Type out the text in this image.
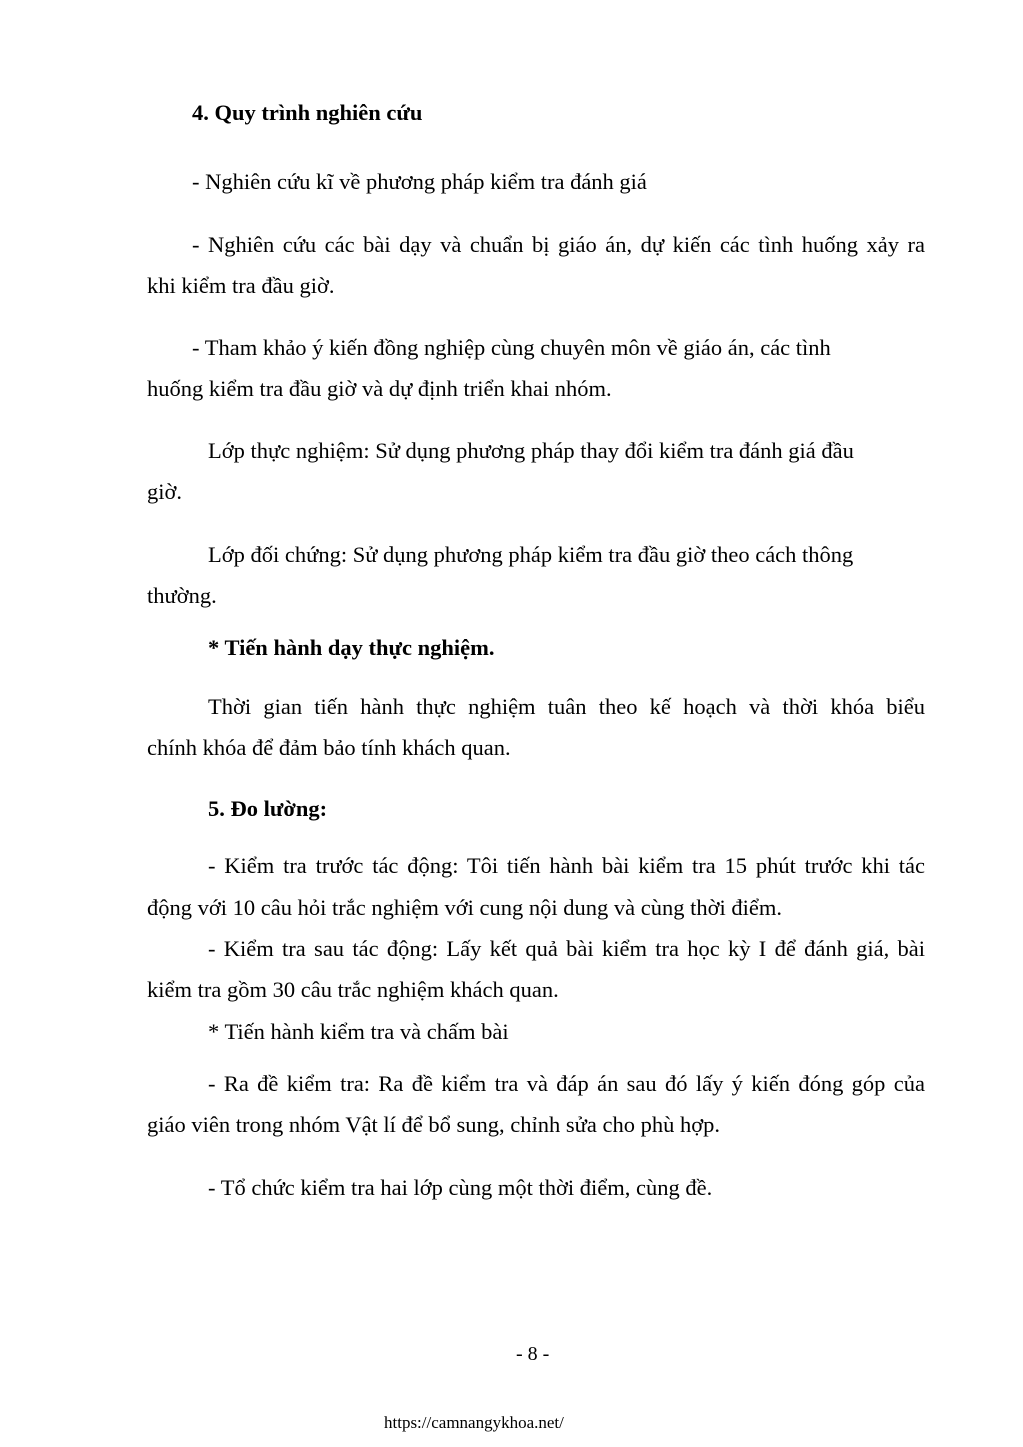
4. Quy trình nghiên cứu
- Nghiên cứu kĩ về phương pháp kiểm tra đánh giá
- Nghiên cứu các bài dạy và chuẩn bị giáo án, dự kiến các tình huống xảy ra
khi kiểm tra đầu giờ.
- Tham khảo ý kiến đồng nghiệp cùng chuyên môn về giáo án, các tình
huống kiểm tra đầu giờ và dự định triển khai nhóm.
Lớp thực nghiệm: Sử dụng phương pháp thay đổi kiểm tra đánh giá đầu
giờ.
Lớp đối chứng: Sử dụng phương pháp kiểm tra đầu giờ theo cách thông
thường.
* Tiến hành dạy thực nghiệm.
Thời gian tiến hành thực nghiệm tuân theo kế hoạch và thời khóa biểu
chính khóa để đảm bảo tính khách quan.
5. Đo lường:
- Kiểm tra trước tác động: Tôi tiến hành bài kiểm tra 15 phút trước khi tác
động với 10 câu hỏi trắc nghiệm với cung nội dung và cùng thời điểm.
- Kiểm tra sau tác động: Lấy kết quả bài kiểm tra học kỳ I để đánh giá, bài
kiểm tra gồm 30 câu trắc nghiệm khách quan.
* Tiến hành kiểm tra và chấm bài
- Ra đề kiểm tra: Ra đề kiểm tra và đáp án sau đó lấy ý kiến đóng góp của
giáo viên trong nhóm Vật lí để bổ sung, chỉnh sửa cho phù hợp.
- Tổ chức kiểm tra hai lớp cùng một thời điểm, cùng đề.
- 8 -
https://camnangykhoa.net/
